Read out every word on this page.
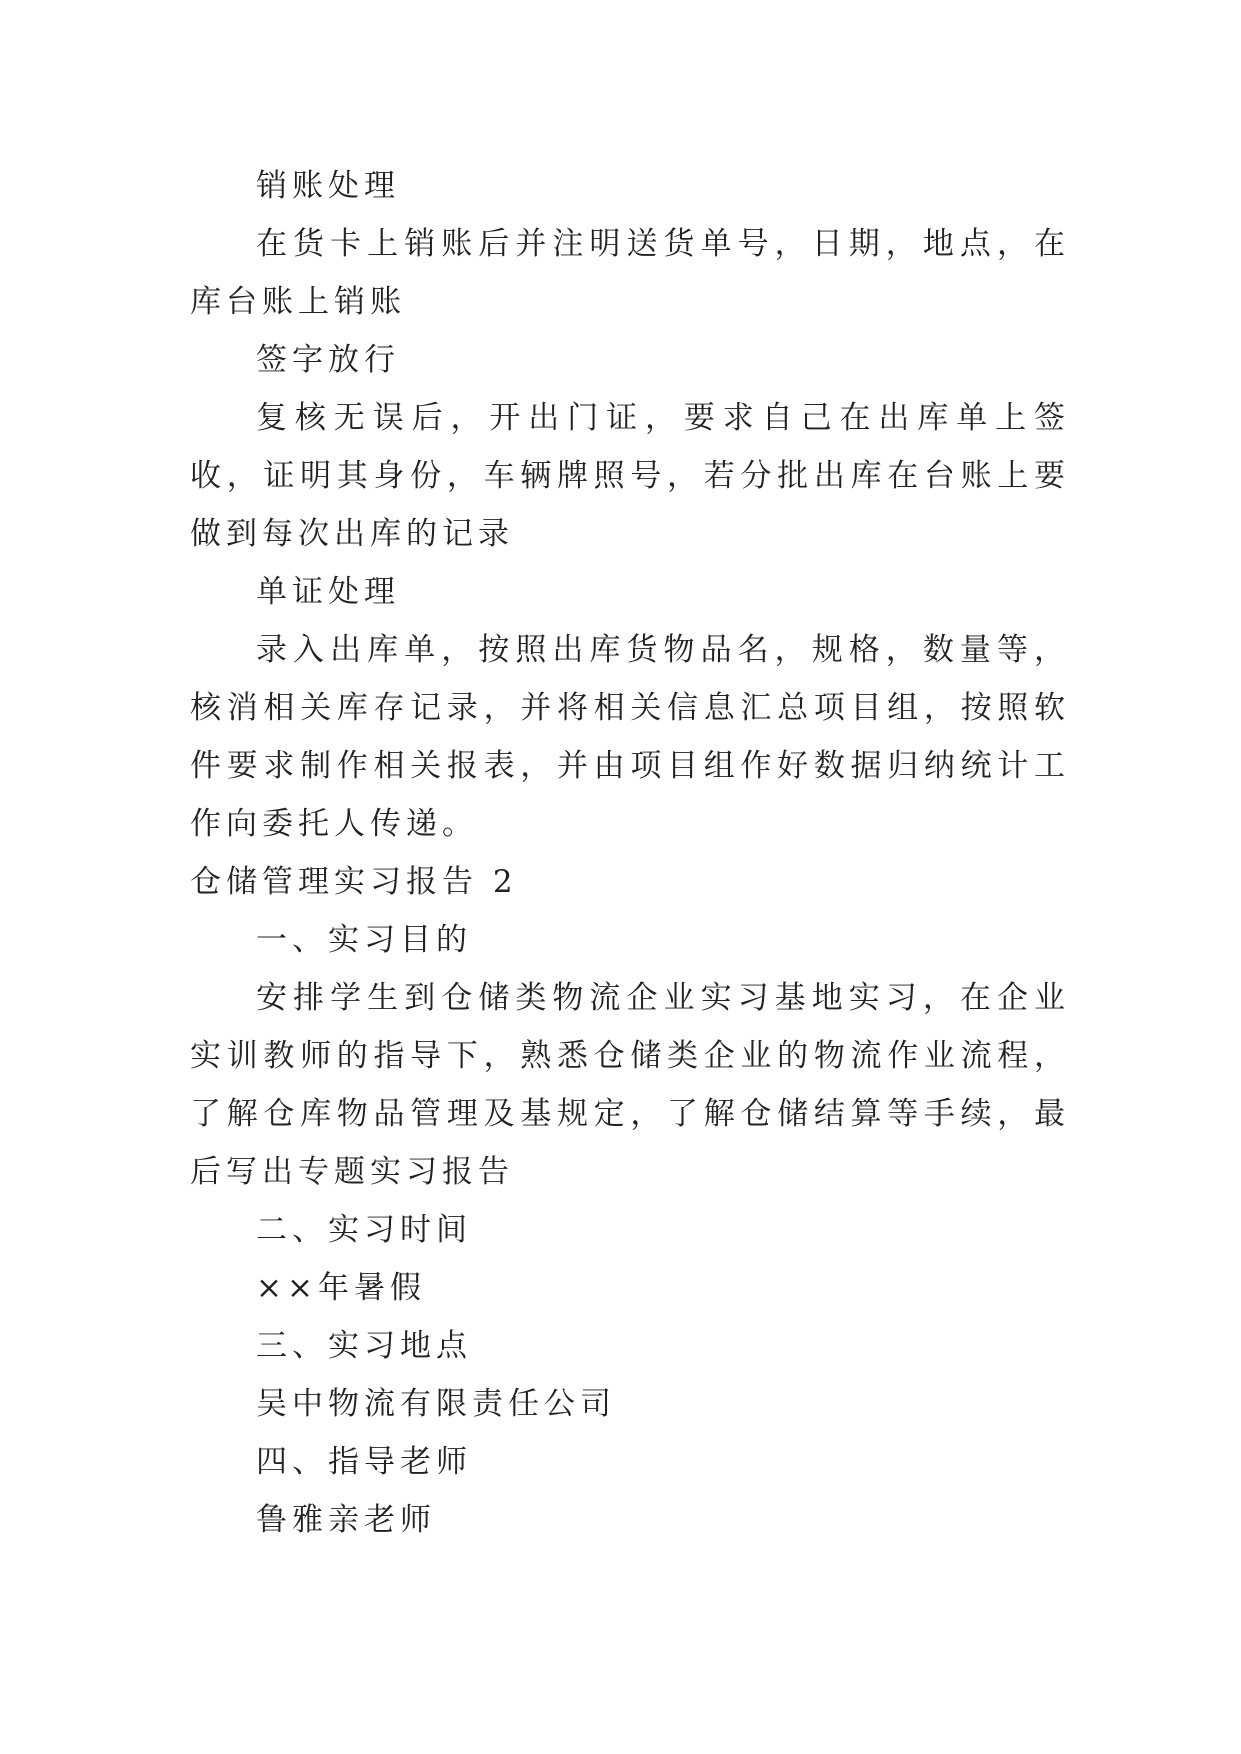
销账处理

在货卡上销账后并注明送货单号，日期，地点，在库台账上销账

签字放行

复核无误后，开出门证，要求自己在出库单上签收，证明其身份，车辆牌照号，若分批出库在台账上要做到每次出库的记录

单证处理

录入出库单，按照出库货物品名，规格，数量等，核消相关库存记录，并将相关信息汇总项目组，按照软件要求制作相关报表，并由项目组作好数据归纳统计工作向委托人传递。

仓储管理实习报告 2

一、实习目的

安排学生到仓储类物流企业实习基地实习，在企业实训教师的指导下，熟悉仓储类企业的物流作业流程，了解仓库物品管理及基规定，了解仓储结算等手续，最后写出专题实习报告

二、实习时间

××年暑假

三、实习地点

吴中物流有限责任公司

四、指导老师

鲁雅亲老师
